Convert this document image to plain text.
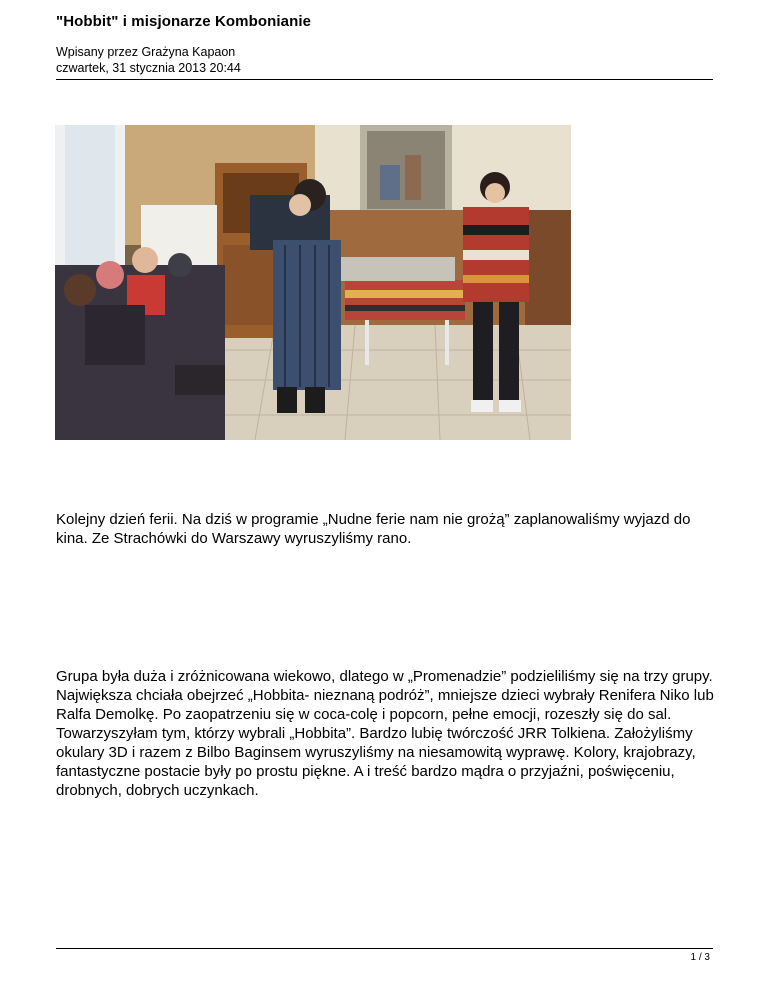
"Hobbit" i misjonarze Kombonianie
Wpisany przez Grażyna Kapaon
czwartek, 31 stycznia 2013 20:44
Kolejny dzień ferii. Na dziś w programie „Nudne ferie nam nie grożą” zaplanowaliśmy wyjazd do kina. Ze Strachówki do Warszawy wyruszyliśmy rano.
Grupa była duża i zróżnicowana wiekowo, dlatego w „Promenadzie” podzieliliśmy się na trzy grupy. Największa chciała obejrzeć „Hobbita- nieznaną podróż”, mniejsze dzieci wybrały Renifera Niko lub Ralfa Demolkę. Po zaopatrzeniu się w coca-colę i popcorn, pełne emocji, rozeszły się do sal. Towarzyszyłam tym, którzy wybrali „Hobbita”. Bardzo lubię twórczość JRR Tolkiena. Założyliśmy okulary 3D i razem z Bilbo Baginsem wyruszyliśmy na niesamowitą wyprawę. Kolory, krajobrazy, fantastyczne postacie były po prostu piękne. A i treść bardzo mądra o przyjaźni, poświęceniu, drobnych, dobrych uczynkach.
1 / 3
